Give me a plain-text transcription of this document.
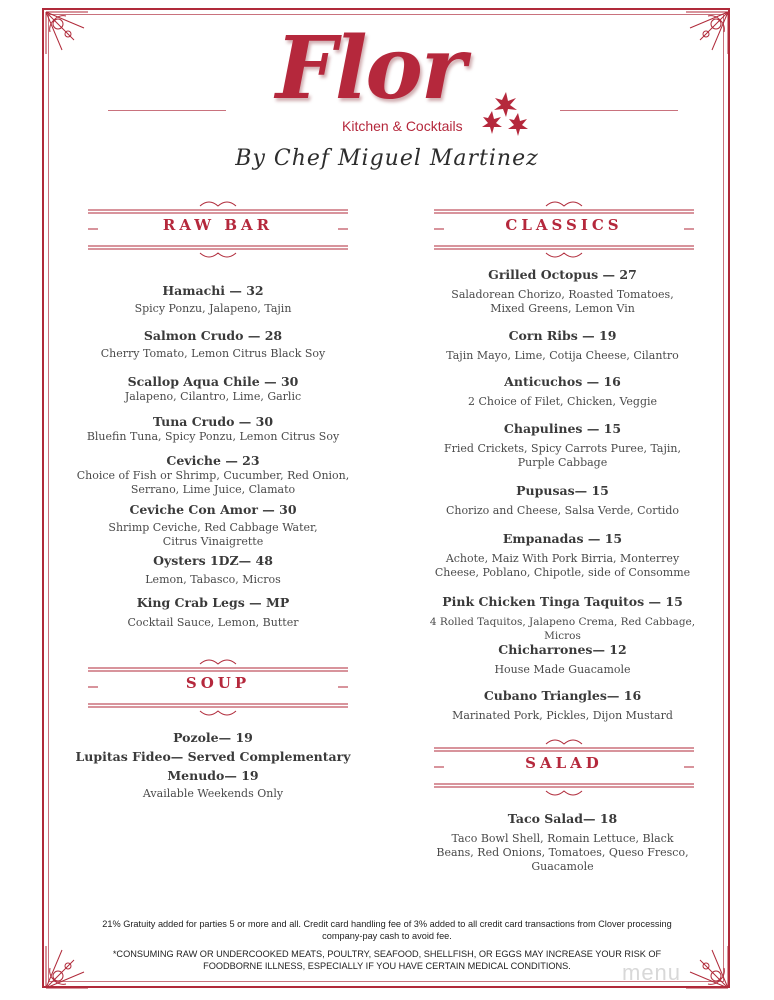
Flor
Kitchen & Cocktails
By Chef Miguel Martinez
RAW BAR
Hamachi — 32
Spicy Ponzu, Jalapeno, Tajin
Salmon Crudo — 28
Cherry Tomato, Lemon Citrus Black Soy
Scallop Aqua Chile — 30
Jalapeno, Cilantro, Lime, Garlic
Tuna Crudo — 30
Bluefin Tuna, Spicy Ponzu, Lemon Citrus Soy
Ceviche — 23
Choice of Fish or Shrimp, Cucumber, Red Onion, Serrano, Lime Juice, Clamato
Ceviche Con Amor — 30
Shrimp Ceviche, Red Cabbage Water, Citrus Vinaigrette
Oysters 1DZ— 48
Lemon, Tabasco, Micros
King Crab Legs — MP
Cocktail Sauce, Lemon, Butter
SOUP
Pozole— 19
Lupitas Fideo— Served Complementary
Menudo— 19
Available Weekends Only
CLASSICS
Grilled Octopus — 27
Saladorean Chorizo, Roasted Tomatoes, Mixed Greens, Lemon Vin
Corn Ribs — 19
Tajin Mayo, Lime, Cotija Cheese, Cilantro
Anticuchos — 16
2 Choice of Filet, Chicken, Veggie
Chapulines — 15
Fried Crickets, Spicy Carrots Puree, Tajin, Purple Cabbage
Pupusas— 15
Chorizo and Cheese, Salsa Verde, Cortido
Empanadas — 15
Achote, Maiz With Pork Birria, Monterrey Cheese, Poblano, Chipotle, side of Consomme
Pink Chicken Tinga Taquitos — 15
4 Rolled Taquitos, Jalapeno Crema, Red Cabbage, Micros
Chicharrones— 12
House Made Guacamole
Cubano Triangles— 16
Marinated Pork, Pickles, Dijon Mustard
SALAD
Taco Salad— 18
Taco Bowl Shell, Romain Lettuce, Black Beans, Red Onions, Tomatoes, Queso Fresco, Guacamole
21% Gratuity added for parties 5 or more and all. Credit card handling fee of 3% added to all credit card transactions from Clover processing company-pay cash to avoid fee.
*CONSUMING RAW OR UNDERCOOKED MEATS, POULTRY, SEAFOOD, SHELLFISH, OR EGGS MAY INCREASE YOUR RISK OF FOODBORNE ILLNESS, ESPECIALLY IF YOU HAVE CERTAIN MEDICAL CONDITIONS.	menu
